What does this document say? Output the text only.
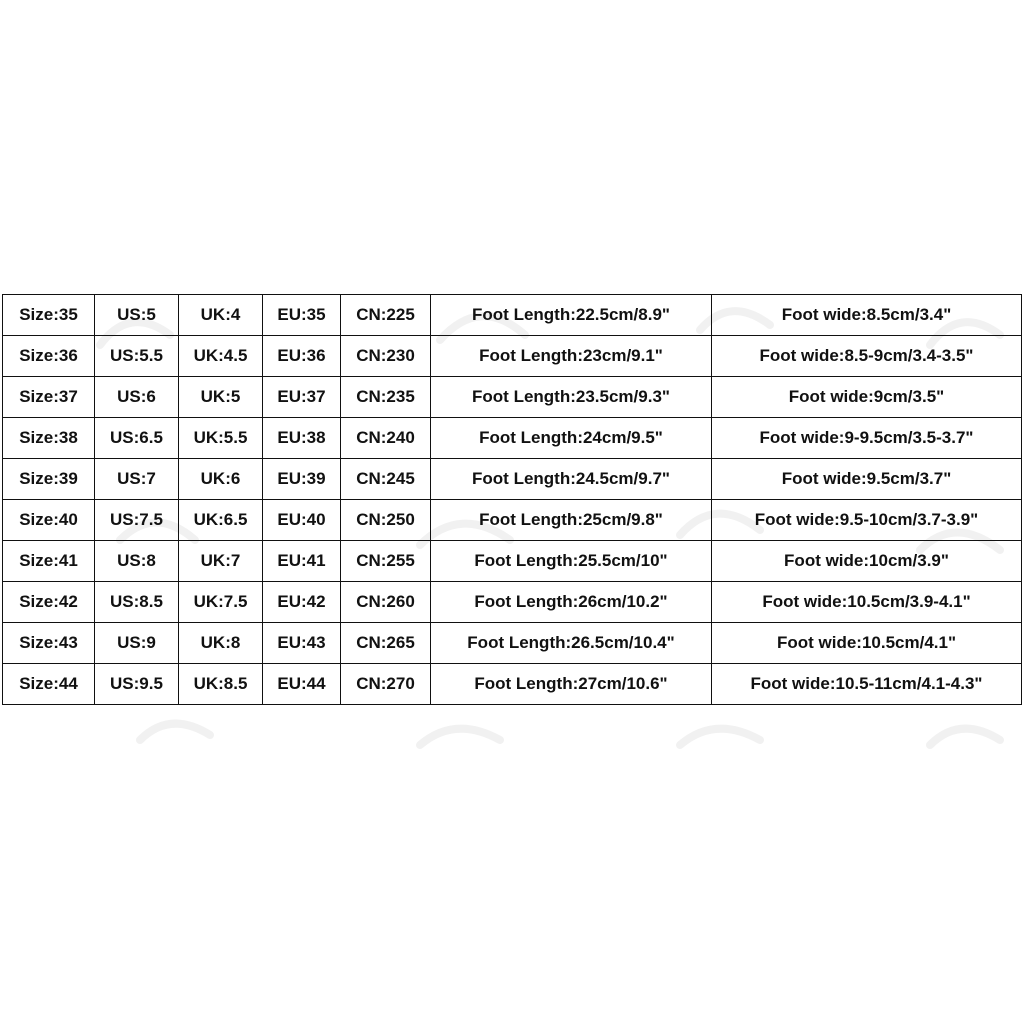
Size:35	US:5	UK:4	EU:35	CN:225	Foot Length:22.5cm/8.9"	Foot wide:8.5cm/3.4"
Size:36	US:5.5	UK:4.5	EU:36	CN:230	Foot Length:23cm/9.1"	Foot wide:8.5-9cm/3.4-3.5"
Size:37	US:6	UK:5	EU:37	CN:235	Foot Length:23.5cm/9.3"	Foot wide:9cm/3.5"
Size:38	US:6.5	UK:5.5	EU:38	CN:240	Foot Length:24cm/9.5"	Foot wide:9-9.5cm/3.5-3.7"
Size:39	US:7	UK:6	EU:39	CN:245	Foot Length:24.5cm/9.7"	Foot wide:9.5cm/3.7"
Size:40	US:7.5	UK:6.5	EU:40	CN:250	Foot Length:25cm/9.8"	Foot wide:9.5-10cm/3.7-3.9"
Size:41	US:8	UK:7	EU:41	CN:255	Foot Length:25.5cm/10"	Foot wide:10cm/3.9"
Size:42	US:8.5	UK:7.5	EU:42	CN:260	Foot Length:26cm/10.2"	Foot wide:10.5cm/3.9-4.1"
Size:43	US:9	UK:8	EU:43	CN:265	Foot Length:26.5cm/10.4"	Foot wide:10.5cm/4.1"
Size:44	US:9.5	UK:8.5	EU:44	CN:270	Foot Length:27cm/10.6"	Foot wide:10.5-11cm/4.1-4.3"
